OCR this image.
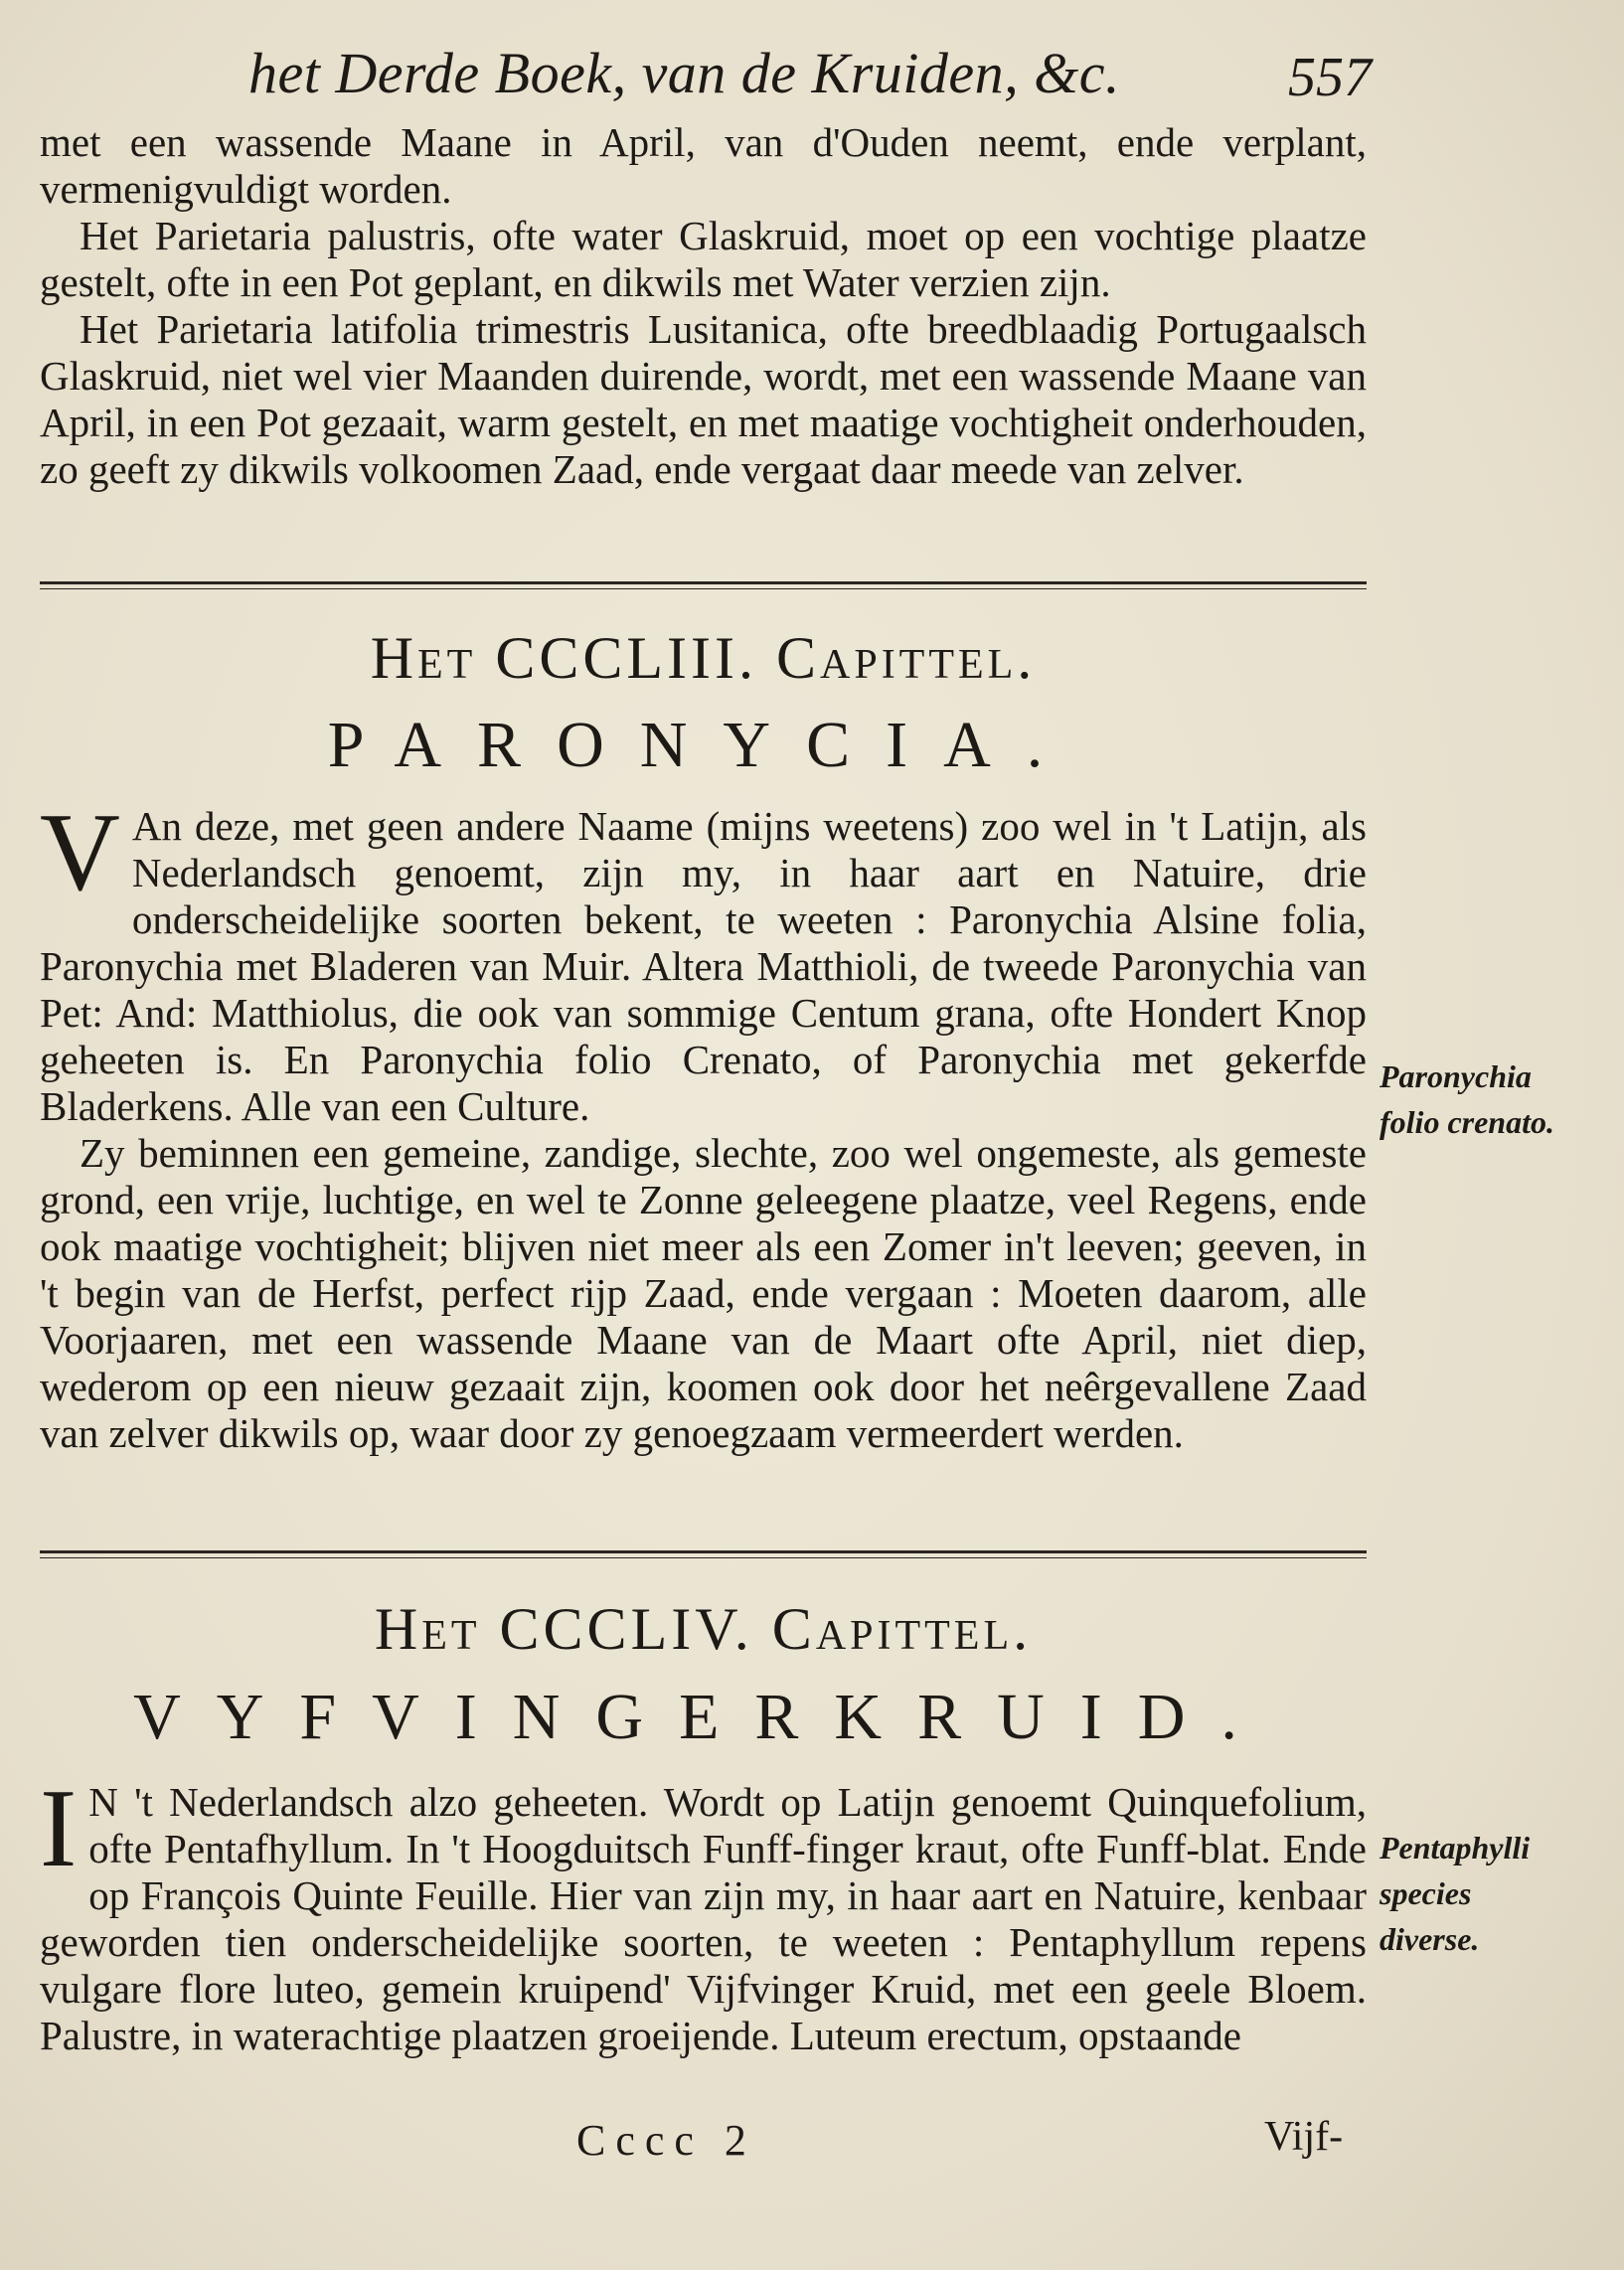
het Derde Boek, van de Kruiden, &c.	557

met een wassende Maane in April, van d'Ouden neemt, ende verplant, vermenigvuldigt worden.

Het Parietaria palustris, ofte water Glaskruid, moet op een vochtige plaatze gestelt, ofte in een Pot geplant, en dikwils met Water verzien zijn.

Het Parietaria latifolia trimestris Lusitanica, ofte breedblaadig Portugaalsch Glaskruid, niet wel vier Maanden duirende, wordt, met een wassende Maane van April, in een Pot gezaait, warm gestelt, en met maatige vochtigheit onderhouden, zo geeft zy dikwils volkoomen Zaad, ende vergaat daar meede van zelver.

Het CCCLIII. Capittel.
PARONYCIA.

V An deze, met geen andere Naame (mijns weetens) zoo wel in 't Latijn, als Nederlandsch genoemt, zijn my, in haar aart en Natuire, drie onderscheidelijke soorten bekent, te weeten : Paronychia Alsine folia, Paronychia met Bladeren van Muir. Altera Matthioli, de tweede Paronychia van Pet: And: Matthiolus, die ook van sommige Centum grana, ofte Hondert Knop geheeten is. En Paronychia folio Crenato, of Paronychia met gekerfde Bladerkens. Alle van een Culture.

Zy beminnen een gemeine, zandige, slechte, zoo wel ongemeste, als gemeste grond, een vrije, luchtige, en wel te Zonne geleegene plaatze, veel Regens, ende ook maatige vochtigheit; blijven niet meer als een Zomer in't leeven; geeven, in 't begin van de Herfst, perfect rijp Zaad, ende vergaan : Moeten daarom, alle Voorjaaren, met een wassende Maane van de Maart ofte April, niet diep, wederom op een nieuw gezaait zijn, koomen ook door het neêrgevallene Zaad van zelver dikwils op, waar door zy genoegzaam vermeerdert werden.

Paronychia folio crenato.
Het CCCLIV. Capittel.
VYFVINGERKRUID.

I N 't Nederlandsch alzo geheeten. Wordt op Latijn genoemt Quinquefolium, ofte Pentafhyllum. In 't Hoogduitsch Funff-finger kraut, ofte Funff-blat. Ende op François Quinte Feuille. Hier van zijn my, in haar aart en Natuire, kenbaar geworden tien onderscheidelijke soorten, te weeten : Pentaphyllum repens vulgare flore luteo, gemein kruipend' Vijfvinger Kruid, met een geele Bloem. Palustre, in waterachtige plaatzen groeijende. Luteum erectum, opstaande

Pentaphylli species diverse.
Cccc 2	Vijf-
